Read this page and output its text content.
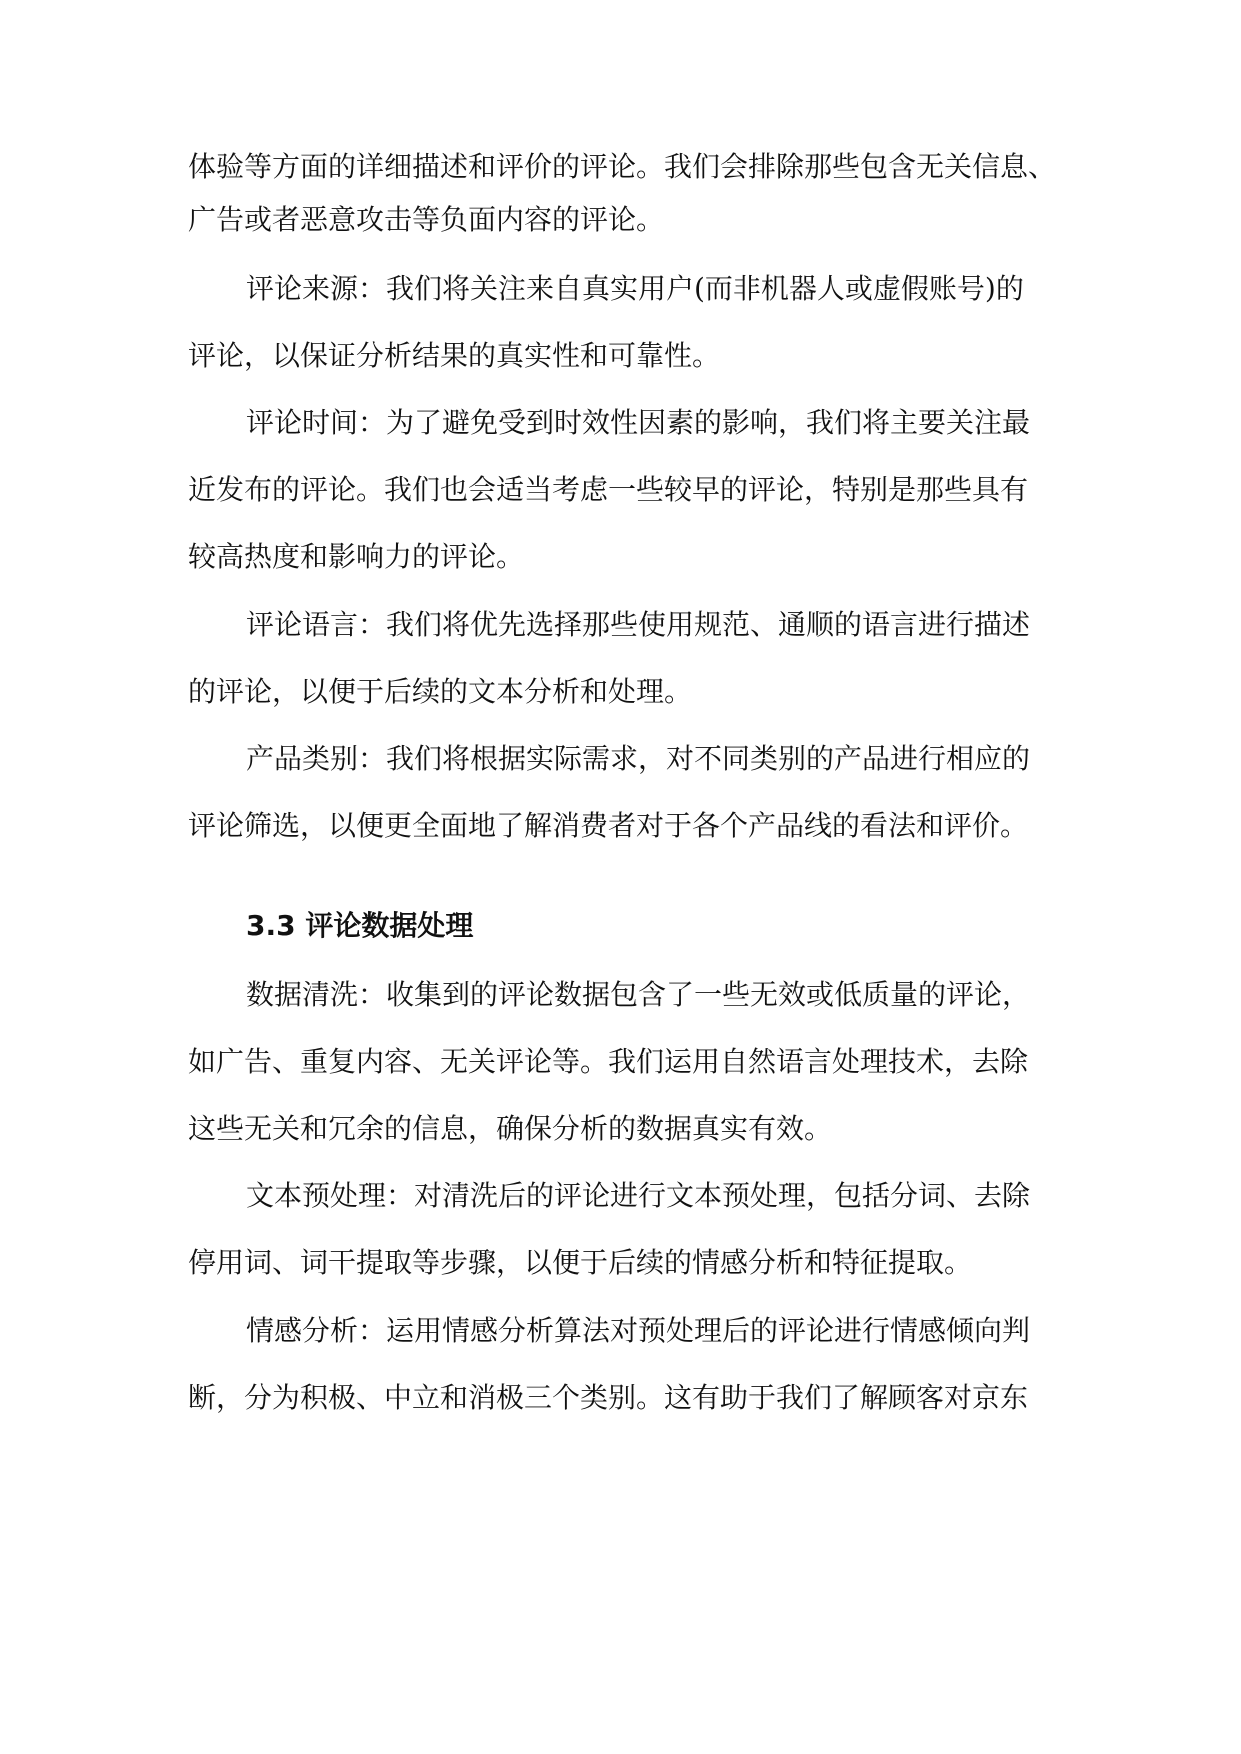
体验等方面的详细描述和评价的评论。我们会排除那些包含无关信息、
广告或者恶意攻击等负面内容的评论。
评论来源：我们将关注来自真实用户(而非机器人或虚假账号)的
评论，以保证分析结果的真实性和可靠性。
评论时间：为了避免受到时效性因素的影响，我们将主要关注最
近发布的评论。我们也会适当考虑一些较早的评论，特别是那些具有
较高热度和影响力的评论。
评论语言：我们将优先选择那些使用规范、通顺的语言进行描述
的评论，以便于后续的文本分析和处理。
产品类别：我们将根据实际需求，对不同类别的产品进行相应的
评论筛选，以便更全面地了解消费者对于各个产品线的看法和评价。
3.3 评论数据处理
数据清洗：收集到的评论数据包含了一些无效或低质量的评论，
如广告、重复内容、无关评论等。我们运用自然语言处理技术，去除
这些无关和冗余的信息，确保分析的数据真实有效。
文本预处理：对清洗后的评论进行文本预处理，包括分词、去除
停用词、词干提取等步骤，以便于后续的情感分析和特征提取。
情感分析：运用情感分析算法对预处理后的评论进行情感倾向判
断，分为积极、中立和消极三个类别。这有助于我们了解顾客对京东
